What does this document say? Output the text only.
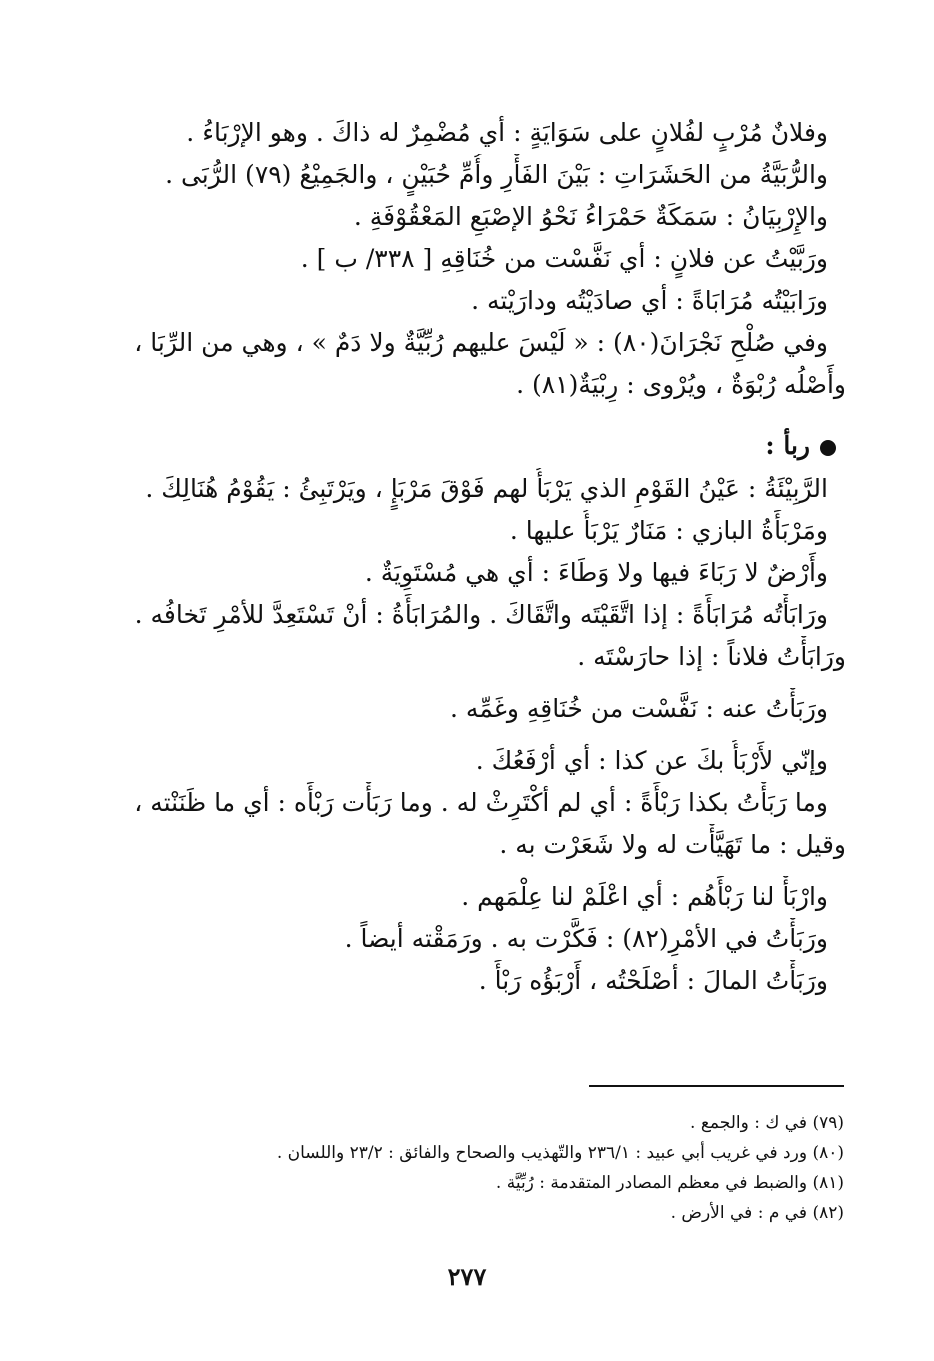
وفلانٌ مُرْبٍ لفُلانٍ على سَوَايَةٍ : أي مُضْمِرٌ له ذاكَ . وهو الإرْبَاءُ .
والرُّبَيَّةُ من الحَشَرَاتِ : بَيْنَ الفَأْرِ وأُمِّ حُبَيْنٍ ، والجَمِيْعُ (٧٩) الرُّبَى .
والإِرْبِيَانُ : سَمَكَةٌ حَمْرَاءُ نَحْوُ الإصْبَعِ المَعْقُوْفَةِ .
ورَبَّيْتُ عن فلانٍ : أي نَفَّسْت من خُنَاقِهِ [ ٣٣٨/ ب ] .
ورَابَيْتُه مُرَابَاةً : أي صادَيْتُه ودارَيْته .
وفي صُلْحِ نَجْرَانَ(٨٠) : « لَيْسَ عليهم رُبِّيَّةٌ ولا دَمٌ » ، وهي من الرِّبَا ،
وأَصْلُه رُبْوَةٌ ، ويُرْوى : رِبْيَةٌ(٨١) .
ربأ :
الرَّبِيْئَةُ : عَيْنُ القَوْمِ الذي يَرْبَأُ لهم فَوْقَ مَرْبَإٍ ، ويَرْتَبِئُ : يَقُوْمُ هُنَالِكَ .
ومَرْبَأَةُ البازي : مَنَارٌ يَرْبَأُ عليها .
وأَرْضٌ لا رَبَاءَ فيها ولا وَطَاءَ : أي هي مُسْتَوِيَةٌ .
ورَابَأْتُه مُرَابَأَةً : إذا اتَّقَيْتَه واتَّقَاكَ . والمُرَابَأَةُ : أنْ تَسْتَعِدَّ للأمْرِ تَخافُه .
ورَابَأْتُ فلاناً : إذا حارَسْتَه .
ورَبَأْتُ عنه : نَفَّسْت من خُنَاقِهِ وغَمِّه .
وإنّي لأَرْبَأُ بكَ عن كذا : أي أرْفَعُكَ .
وما رَبَأْتُ بكذا رَبْأَةً : أي لم أكْتَرِثْ له . وما رَبَأْت رَبْأَه : أي ما ظَنَنْته ،
وقيل : ما تَهَيَّأْت له ولا شَعَرْت به .
وارْبَأْ لنا رَبْأَهُم : أي اعْلَمْ لنا عِلْمَهم .
ورَبَأْتُ في الأمْرِ(٨٢) : فَكَّرْت به . ورَمَقْته أيضاً .
ورَبَأْتُ المالَ : أصْلَحْتُه ، أَرْبَؤُه رَبْأً .
(٧٩) في ك : والجمع .
(٨٠) ورد في غريب أبي عبيد : ٢٣٦/١ والتّهذيب والصحاح والفائق : ٢٣/٢ واللسان .
(٨١) والضبط في معظم المصادر المتقدمة : رُبِّيَّة .
(٨٢) في م : في الأرض .
٢٧٧
